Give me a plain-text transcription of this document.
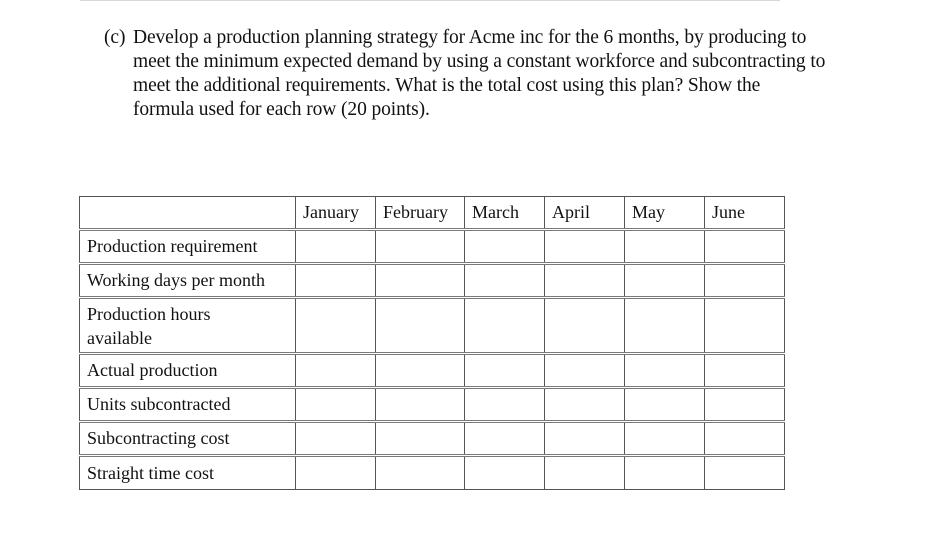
(c) Develop a production planning strategy for Acme inc for the 6 months, by producing to
meet the minimum expected demand by using a constant workforce and subcontracting to
meet the additional requirements. What is the total cost using this plan? Show the
formula used for each row (20 points).
	January	February	March	April	May	June
Production requirement						
Working days per month						

Production hours available						

Actual production						
Units subcontracted						
Subcontracting cost						
Straight time cost						
